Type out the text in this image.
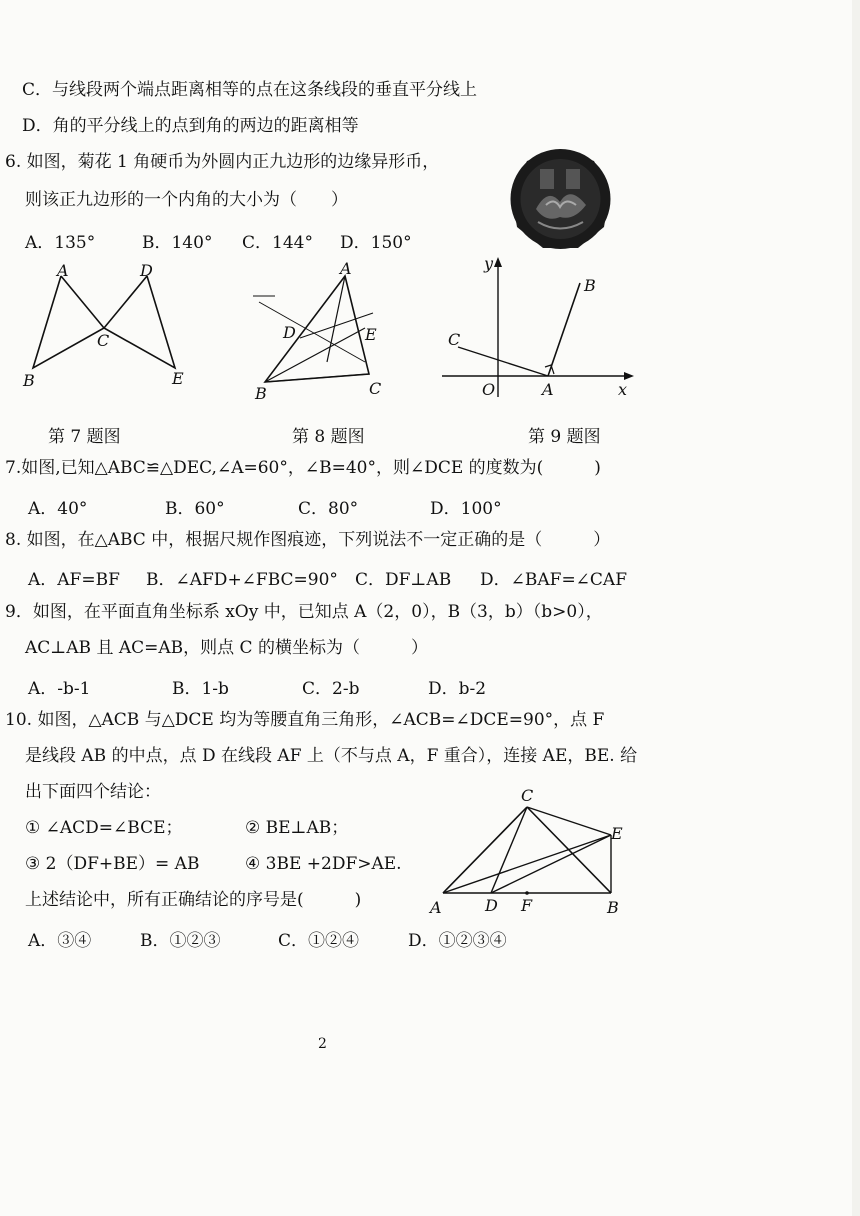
C．与线段两个端点距离相等的点在这条线段的垂直平分线上
D．角的平分线上的点到角的两边的距离相等
6. 如图，菊花 1 角硬币为外圆内正九边形的边缘异形币，
则该正九边形的一个内角的大小为（　　）
A．135°	B．140° C．144° D．150°
A	D
C
B	E
A
D	E
B	C
y
B
C
O	A	x
第 7 题图	第 8 题图	第 9 题图
7.如图,已知△ABC≌△DEC,∠A=60°，∠B=40°，则∠DCE 的度数为(　　　)
A．40°	B．60°	C．80°	D．100°
8. 如图，在△ABC 中，根据尺规作图痕迹，下列说法不一定正确的是（　　　）
A．AF=BF B．∠AFD+∠FBC=90° C．DF⊥AB D．∠BAF=∠CAF
9．如图，在平面直角坐标系 xOy 中，已知点 A（2，0），B（3，b）（b>0），
AC⊥AB 且 AC=AB，则点 C 的横坐标为（　　　）
A．-b-1	B．1-b	C．2-b	D．b-2
10. 如图，△ACB 与△DCE 均为等腰直角三角形，∠ACB=∠DCE=90°，点 F
是线段 AB 的中点，点 D 在线段 AF 上（不与点 A，F 重合），连接 AE，BE. 给
出下面四个结论：
① ∠ACD=∠BCE；	② BE⊥AB；
③ 2（DF+BE）= AB	④ 3BE +2DF>AE.
上述结论中，所有正确结论的序号是(　　　)
A．③④	B．①②③	C．①②④	D．①②③④
C
E
A	D F	B
2
